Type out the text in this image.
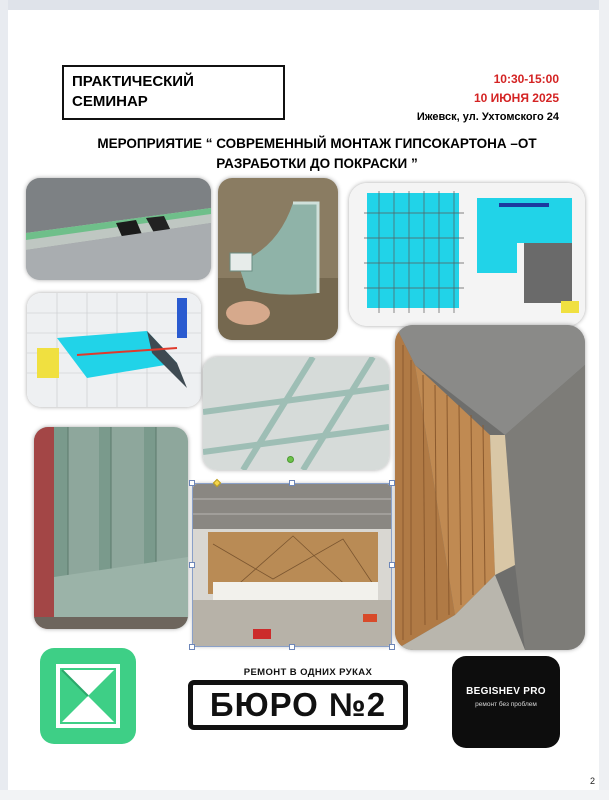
ПРАКТИЧЕСКИЙ
СЕМИНАР
10:30-15:00
10 ИЮНЯ 2025
Ижевск, ул. Ухтомского 24
МЕРОПРИЯТИЕ “ СОВРЕМЕННЫЙ МОНТАЖ ГИПСОКАРТОНА –ОТ РАЗРАБОТКИ ДО ПОКРАСКИ ”
РЕМОНТ В ОДНИХ РУКАХ
БЮРО №2	BEGISHEV PRO
ремонт без проблем
2
